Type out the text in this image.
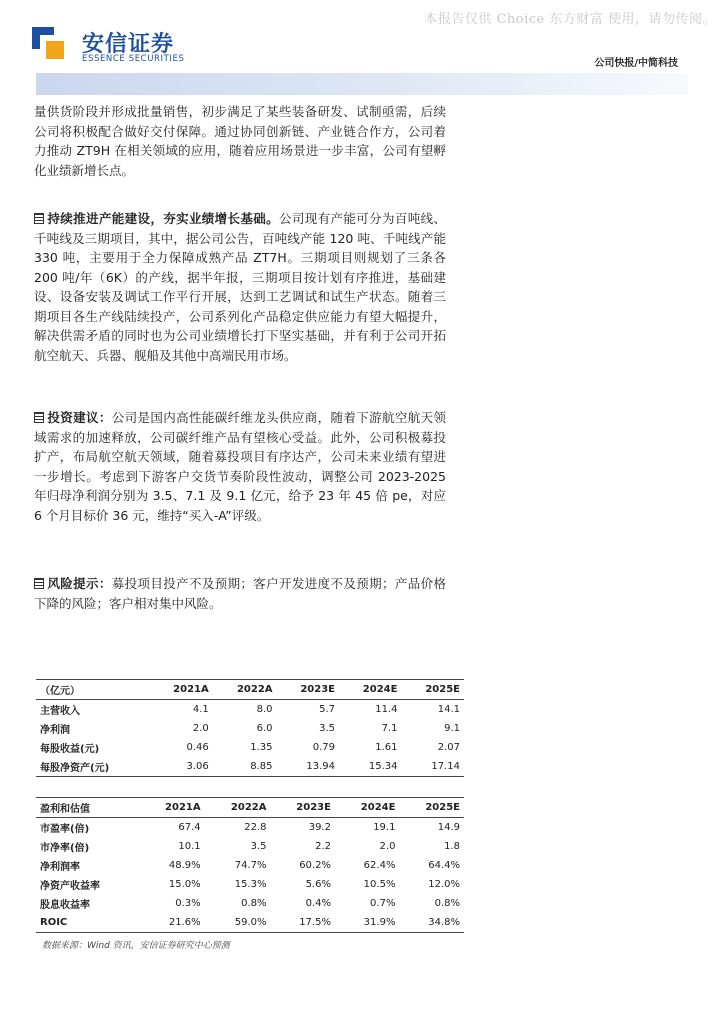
本报告仅供 Choice 东方财富 使用，请勿传阅。
安信证券
ESSENCE SECURITIES	公司快报/中简科技
量供货阶段并形成批量销售，初步满足了某些装备研发、试制亟需，后续公司将积极配合做好交付保障。通过协同创新链、产业链合作方，公司着力推动 ZT9H 在相关领域的应用，随着应用场景进一步丰富，公司有望孵化业绩新增长点。
持续推进产能建设，夯实业绩增长基础。公司现有产能可分为百吨线、千吨线及三期项目，其中，据公司公告，百吨线产能 120 吨、千吨线产能 330 吨，主要用于全力保障成熟产品 ZT7H。三期项目则规划了三条各 200 吨/年（6K）的产线，据半年报，三期项目按计划有序推进，基础建设、设备安装及调试工作平行开展，达到工艺调试和试生产状态。随着三期项目各生产线陆续投产，公司系列化产品稳定供应能力有望大幅提升，解决供需矛盾的同时也为公司业绩增长打下坚实基础，并有利于公司开拓航空航天、兵器、舰船及其他中高端民用市场。
投资建议：公司是国内高性能碳纤维龙头供应商，随着下游航空航天领域需求的加速释放，公司碳纤维产品有望核心受益。此外，公司积极募投扩产，布局航空航天领域，随着募投项目有序达产，公司未来业绩有望进一步增长。考虑到下游客户交货节奏阶段性波动，调整公司 2023-2025 年归母净利润分别为 3.5、7.1 及 9.1 亿元，给予 23 年 45 倍 pe，对应 6 个月目标价 36 元，维持“买入-A”评级。
风险提示：募投项目投产不及预期；客户开发进度不及预期；产品价格下降的风险；客户相对集中风险。
（亿元）	2021A	2022A	2023E	2024E	2025E
主营收入	4.1	8.0	5.7	11.4	14.1
净利润	2.0	6.0	3.5	7.1	9.1
每股收益(元)	0.46	1.35	0.79	1.61	2.07
每股净资产(元)	3.06	8.85	13.94	15.34	17.14
盈利和估值	2021A	2022A	2023E	2024E	2025E
市盈率(倍)	67.4	22.8	39.2	19.1	14.9
市净率(倍)	10.1	3.5	2.2	2.0	1.8
净利润率	48.9%	74.7%	60.2%	62.4%	64.4%
净资产收益率	15.0%	15.3%	5.6%	10.5%	12.0%
股息收益率	0.3%	0.8%	0.4%	0.7%	0.8%
ROIC	21.6%	59.0%	17.5%	31.9%	34.8%
数据来源：Wind 资讯，安信证券研究中心预测
